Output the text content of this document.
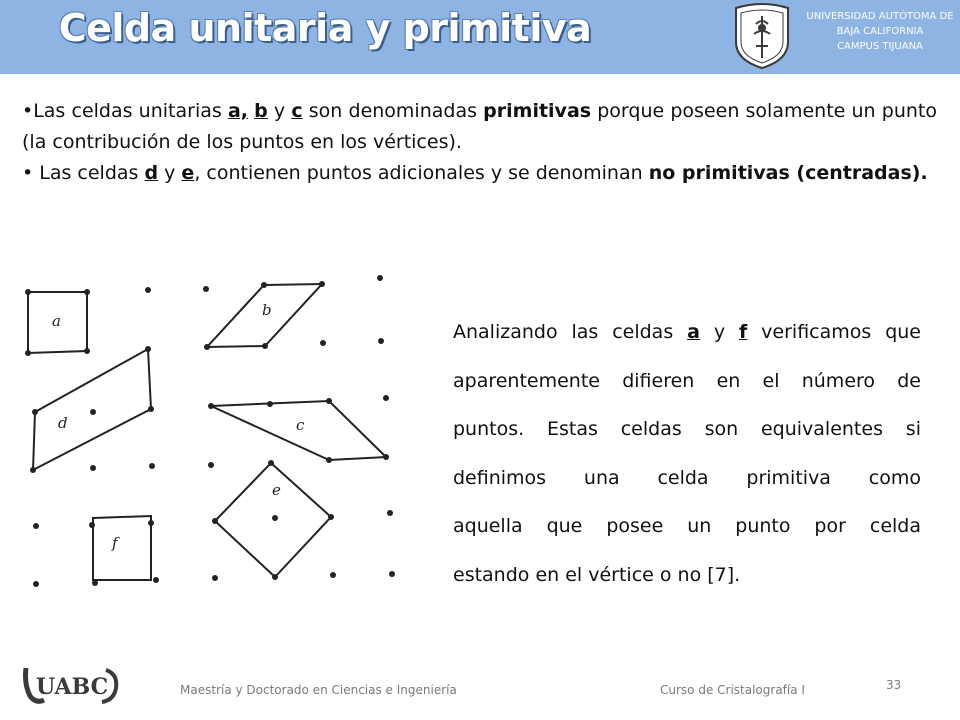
Celda unitaria y primitiva	UNIVERSIDAD AUTÓTOMA DE
BAJA CALIFORNIA
CAMPUS TIJUANA

•Las celdas unitarias a, b y c son denominadas primitivas porque poseen solamente un punto (la contribución de los puntos en los vértices).

• Las celdas d y e, contienen puntos adicionales y se denominan no primitivas (centradas).

a
b
c
d
e
f
Analizando las celdas a y f verificamos que
aparentemente difieren en el número de
puntos. Estas celdas son equivalentes si
definimos una celda primitiva como
aquella que posee un punto por celda
estando en el vértice o no [7].
UABC	Maestría y Doctorado en Ciencias e Ingeniería	Curso de Cristalografía I	33
